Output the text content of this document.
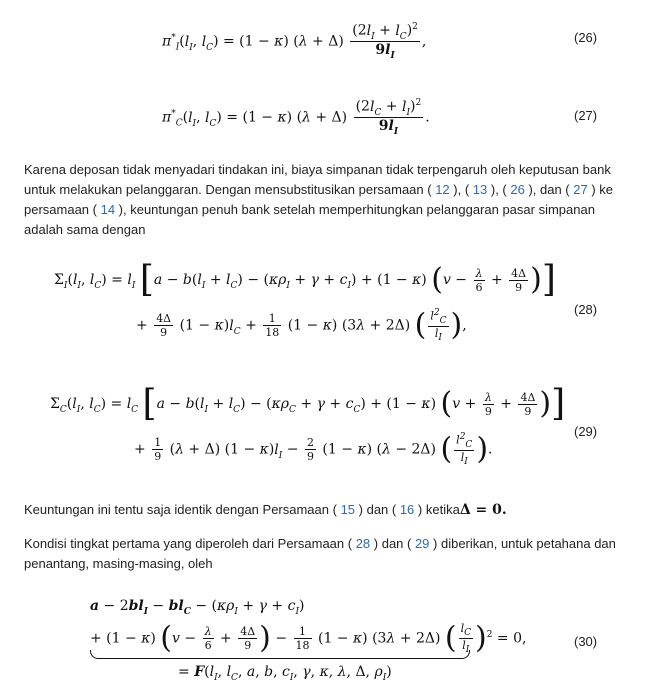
$\pi^*_I(l_I$, $l_C) = (1 - \kappa)$ $(\lambda + \Delta) \frac{(2l_I + l_C)^2}{9l_I}$ ,	(26)
$\pi^*_C(l_I$, $l_C) = (1 - \kappa)$ $(\lambda + \Delta) \frac{(2l_C + l_I)^2}{9l_I}$ .	(27)
Karena deposan tidak menyadari tindakan ini, biaya simpanan tidak terpengaruh oleh keputusan bank untuk melakukan pelanggaran. Dengan mensubstitusikan persamaan ( 12 ), ( 13 ), ( 26 ), dan ( 27 ) ke persamaan ( 14 ), keuntungan penuh bank setelah memperhitungkan pelanggaran pasar simpanan adalah sama dengan
$\Sigma_I(l_I$, $l_C) = l_I$ [$a - b(l_I + l_C) - (\kappa\rho_I + \gamma + c_I) + (1 - \kappa) (v - \frac{\lambda}{6} + \frac{4\Delta}{9}$ )]
+ $\frac{4\Delta}{9} (1 - \kappa)l_C + \frac{1}{18} (1 - \kappa) (3\lambda + 2\Delta)$ ( $\frac{l^2_C}{l_I}$ ),
(28)
$\Sigma_C(l_I$, $l_C) = l_C$ [$a - b(l_I + l_C) - (\kappa\rho_C + \gamma + c_C) + (1 - \kappa) (v + \frac{\lambda}{9} + \frac{4\Delta}{9}$ )]
+ $\frac{1}{9} (\lambda + \Delta) (1 - \kappa)l_I - \frac{2}{9} (1 - \kappa) (\lambda - 2\Delta)$ ( $\frac{l^2_C}{l_I}$ ).
(29)
Keuntungan ini tentu saja identik dengan Persamaan ( 15 ) dan ( 16 ) ketikaΔ = 0.
Kondisi tingkat pertama yang diperoleh dari Persamaan ( 28 ) dan ( 29 ) diberikan, untuk petahana dan penantang, masing-masing, oleh
$a - 2bl_I - bl_C - (\kappa\rho_I + \gamma + c_I)$
+ (1 − κ) ($v - \frac{\lambda}{6} + \frac{4\Delta}{9}$ ) − $\frac{1}{18} (1 - \kappa) (3\lambda + 2\Delta)$ ( $\frac{l_C}{l_I} )^2 = 0$,
= $F(l_I$, $l_C$, a, b, $c_I$, γ, κ, λ, Δ, $\rho_I$)
(30)
